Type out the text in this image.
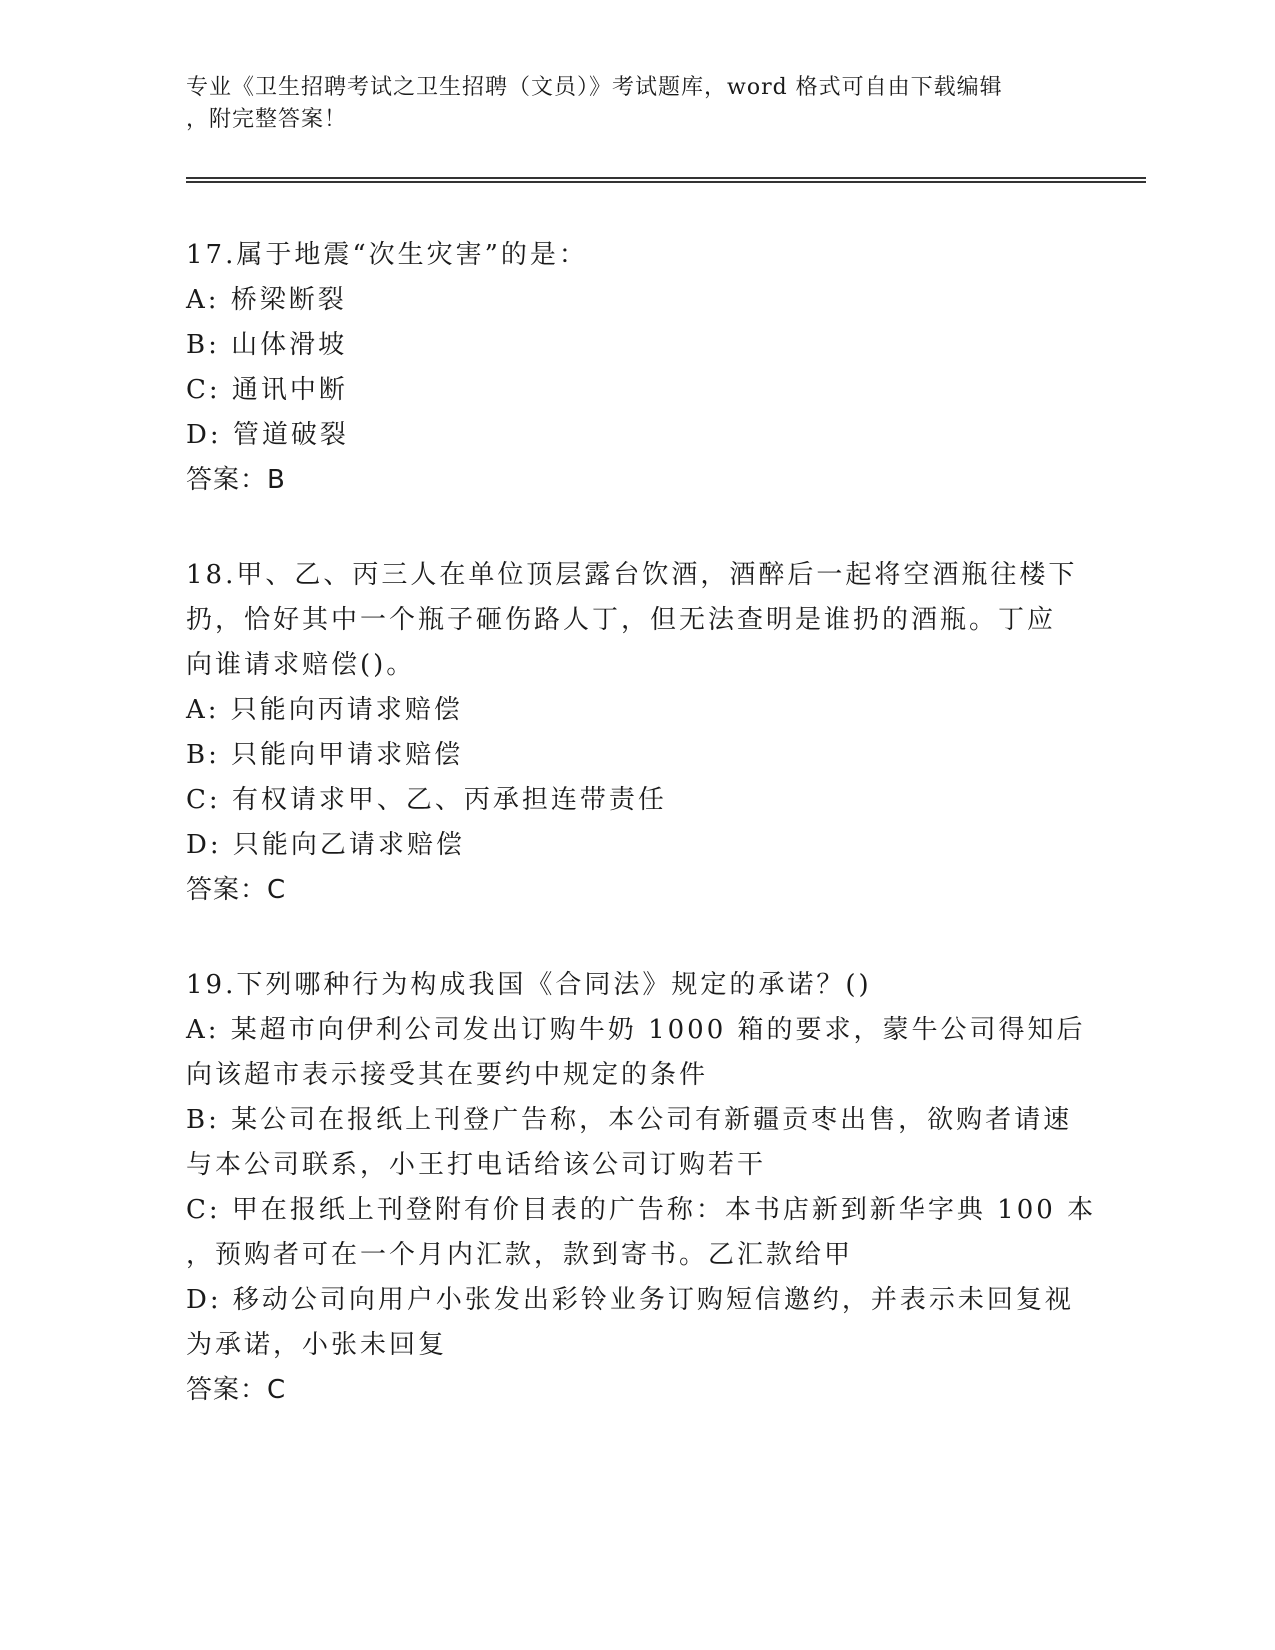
专业《卫生招聘考试之卫生招聘（文员）》考试题库，word 格式可自由下载编辑
，附完整答案！
17.属于地震“次生灾害”的是：
A: 桥梁断裂
B: 山体滑坡
C: 通讯中断
D: 管道破裂
答案：B
18.甲、乙、丙三人在单位顶层露台饮酒，酒醉后一起将空酒瓶往楼下
扔，恰好其中一个瓶子砸伤路人丁，但无法查明是谁扔的酒瓶。丁应
向谁请求赔偿()。
A: 只能向丙请求赔偿
B: 只能向甲请求赔偿
C: 有权请求甲、乙、丙承担连带责任
D: 只能向乙请求赔偿
答案：C
19.下列哪种行为构成我国《合同法》规定的承诺？()
A: 某超市向伊利公司发出订购牛奶 1000 箱的要求，蒙牛公司得知后
向该超市表示接受其在要约中规定的条件
B: 某公司在报纸上刊登广告称，本公司有新疆贡枣出售，欲购者请速
与本公司联系，小王打电话给该公司订购若干
C: 甲在报纸上刊登附有价目表的广告称：本书店新到新华字典 100 本
，预购者可在一个月内汇款，款到寄书。乙汇款给甲
D: 移动公司向用户小张发出彩铃业务订购短信邀约，并表示未回复视
为承诺，小张未回复
答案：C
